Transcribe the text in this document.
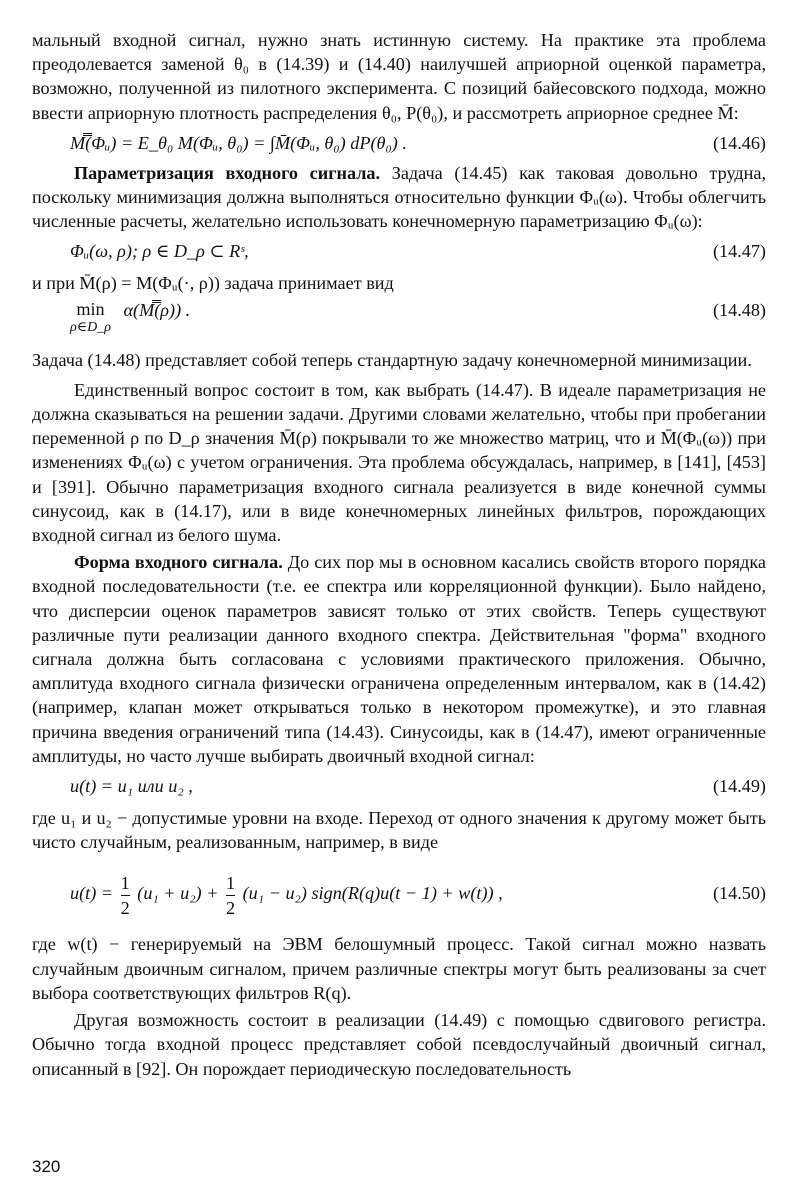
мальный входной сигнал, нужно знать истинную систему. На практике эта проблема преодолевается заменой θ₀ в (14.39) и (14.40) наилучшей априорной оценкой параметра, возможно, полученной из пилотного эксперимента. С позиций байесовского подхода, можно ввести априорную плотность распределения θ₀, P(θ₀), и рассмотреть априорное среднее M̄:

M̿(Φᵤ) = E_θ₀ M(Φᵤ, θ₀) = ∫M̄(Φᵤ, θ₀) dP(θ₀) .	(14.46)

Параметризация входного сигнала. Задача (14.45) как таковая довольно трудна, поскольку минимизация должна выполняться относительно функции Φᵤ(ω). Чтобы облегчить численные расчеты, желательно использовать конечномерную параметризацию Φᵤ(ω):

Φᵤ(ω, ρ); ρ ∈ D_ρ ⊂ Rˢ,	(14.47)

и при M̄(ρ) = M(Φᵤ(·, ρ)) задача принимает вид

min
ρ∈D_ρ
α(M̿(ρ)) .	(14.48)

Задача (14.48) представляет собой теперь стандартную задачу конечномерной минимизации.

Единственный вопрос состоит в том, как выбрать (14.47). В идеале параметризация не должна сказываться на решении задачи. Другими словами желательно, чтобы при пробегании переменной ρ по D_ρ значения M̄(ρ) покрывали то же множество матриц, что и M̄(Φᵤ(ω)) при изменениях Φᵤ(ω) с учетом ограничения. Эта проблема обсуждалась, например, в [141], [453] и [391]. Обычно параметризация входного сигнала реализуется в виде конечной суммы синусоид, как в (14.17), или в виде конечномерных линейных фильтров, порождающих входной сигнал из белого шума.

Форма входного сигнала. До сих пор мы в основном касались свойств второго порядка входной последовательности (т.е. ее спектра или корреляционной функции). Было найдено, что дисперсии оценок параметров зависят только от этих свойств. Теперь существуют различные пути реализации данного входного спектра. Действительная "форма" входного сигнала должна быть согласована с условиями практического приложения. Обычно, амплитуда входного сигнала физически ограничена определенным интервалом, как в (14.42) (например, клапан может открываться только в некотором промежутке), и это главная причина введения ограничений типа (14.43). Синусоиды, как в (14.47), имеют ограниченные амплитуды, но часто лучше выбирать двоичный входной сигнал:

u(t) = u₁ или u₂ ,	(14.49)

где u₁ и u₂ − допустимые уровни на входе. Переход от одного значения к другому может быть чисто случайным, реализованным, например, в виде

$u(t) = \frac{1}{2} (u_1 + u_2) + \frac{1}{2} (u_1 - u_2)$ sign(R(q)u(t − 1) + w(t)) ,	(14.50)

где w(t) − генерируемый на ЭВМ белошумный процесс. Такой сигнал можно назвать случайным двоичным сигналом, причем различные спектры могут быть реализованы за счет выбора соответствующих фильтров R(q).

Другая возможность состоит в реализации (14.49) с помощью сдвигового регистра. Обычно тогда входной процесс представляет собой псевдослучайный двоичный сигнал, описанный в [92]. Он порождает периодическую последовательность

320
